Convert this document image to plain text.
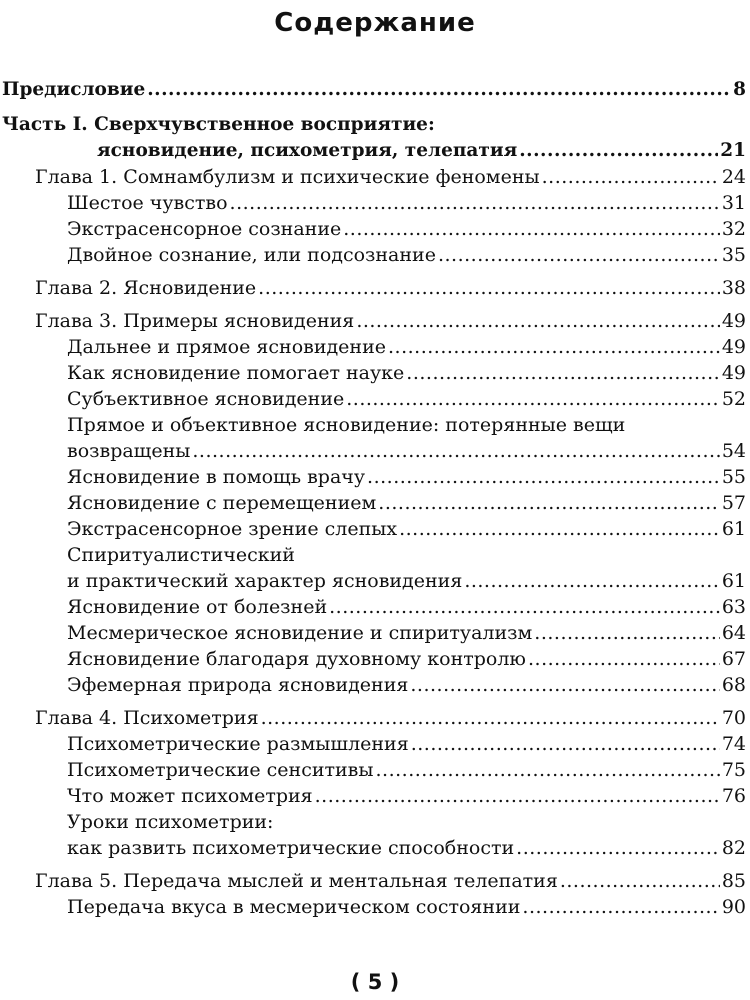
Содержание
Предисловие .....	8
Часть I. Сверхчувственное восприятие:
ясновидение, психометрия, телепатия .....	21
Глава 1. Сомнамбулизм и психические феномены .....	24
Шестое чувство .....	31
Экстрасенсорное сознание .....	32
Двойное сознание, или подсознание .....	35
Глава 2. Ясновидение .....	38
Глава 3. Примеры ясновидения .....	49
Дальнее и прямое ясновидение .....	49
Как ясновидение помогает науке .....	49
Субъективное ясновидение .....	52
Прямое и объективное ясновидение: потерянные вещи
возвращены .....	54
Ясновидение в помощь врачу .....	55
Ясновидение с перемещением .....	57
Экстрасенсорное зрение слепых .....	61
Спиритуалистический
и практический характер ясновидения .....	61
Ясновидение от болезней .....	63
Месмерическое ясновидение и спиритуализм .....	64
Ясновидение благодаря духовному контролю .....	67
Эфемерная природа ясновидения .....	68
Глава 4. Психометрия .....	70
Психометрические размышления .....	74
Психометрические сенситивы .....	75
Что может психометрия .....	76
Уроки психометрии:
как развить психометрические способности .....	82
Глава 5. Передача мыслей и ментальная телепатия .....	85
Передача вкуса в месмерическом состоянии .....	90
( 5 )
